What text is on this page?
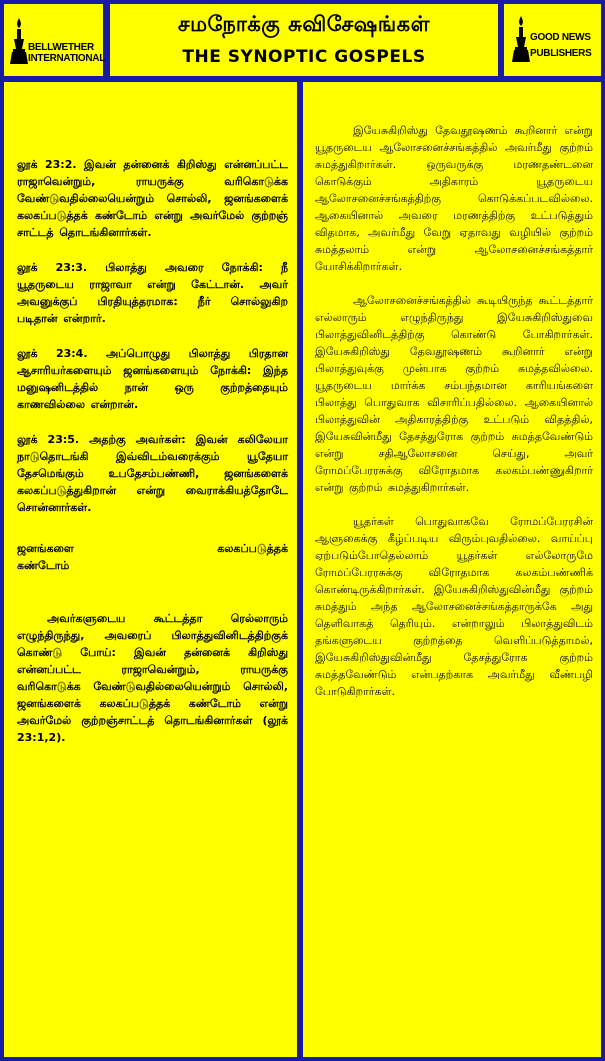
BELLWETHER
INTERNATIONAL
சமநோக்கு சுவிசேஷங்கள்
THE SYNOPTIC GOSPELS
GOOD NEWS
PUBLISHERS

லூக் 23:2. இவன் தன்னைக் கிறிஸ்து என்னப்பட்ட ராஜாவென்றும், ராயருக்கு வரிகொடுக்க வேண்டுவதில்லையென்றும் சொல்லி, ஜனங்களைக் கலகப்படுத்தக் கண்டோம் என்று அவர்மேல் குற்றஞ் சாட்டத் தொடங்கினார்கள்.

லூக் 23:3. பிலாத்து அவரை நோக்கி: நீ யூதருடைய ராஜாவா என்று கேட்டான். அவர் அவனுக்குப் பிரதியுத்தரமாக: நீர் சொல்லுகிற படிதான் என்றார்.

லூக் 23:4. அப்பொழுது பிலாத்து பிரதான ஆசாரியர்களையும் ஜனங்களையும் நோக்கி: இந்த மனுஷனிடத்தில் நான் ஒரு குற்றத்தையும் காணவில்லை என்றான்.

லூக் 23:5. அதற்கு அவர்கள்: இவன் கலிலேயா நாடுதொடங்கி இவ்விடம்வரைக்கும் யூதேயா தேசமெங்கும் உபதேசம்பண்ணி, ஜனங்களைக் கலகப்படுத்துகிறான் என்று வைராக்கியத்தோடே சொன்னார்கள்.

ஜனங்களை கலகப்படுத்தக் கண்டோம்

அவர்களுடைய கூட்டத்தா ரெல்லாரும் எழுந்திருந்து, அவரைப் பிலாத்துவினிடத்திற்குக் கொண்டு போய்: இவன் தன்னைக் கிறிஸ்து என்னப்பட்ட ராஜாவென்றும், ராயருக்கு வரிகொடுக்க வேண்டுவதில்லையென்றும் சொல்லி, ஜனங்களைக் கலகப்படுத்தக் கண்டோம் என்று அவர்மேல் குற்றஞ்சாட்டத் தொடங்கினார்கள் (லூக் 23:1,2).

இயேசுகிறிஸ்து தேவதூஷணம் கூறினார் என்று யூதருடைய ஆலோசனைச்சங்கத்தில் அவர்மீது குற்றம் சுமத்துகிறார்கள். ஒருவருக்கு மரணதண்டனை கொடுக்கும் அதிகாரம் யூதருடைய ஆலோசனைச்சங்கத்திற்கு கொடுக்கப்படவில்லை. ஆகையினால் அவரை மரணத்திற்கு உட்படுத்தும் விதமாக, அவர்மீது வேறு ஏதாவது வழியில் குற்றம் சுமத்தலாம் என்று ஆலோசனைச்சங்கத்தார் யோசிக்கிறார்கள்.

ஆலோசனைச்சங்கத்தில் கூடியிருந்த கூட்டத்தார் எல்லாரும் எழுந்திருந்து இயேசுகிறிஸ்துவை பிலாத்துவினிடத்திற்கு கொண்டு போகிறார்கள். இயேசுகிறிஸ்து தேவதூஷணம் கூறினார் என்று பிலாத்துவுக்கு முன்பாக குற்றம் சுமத்தவில்லை. யூதருடைய மார்க்க சம்பந்தமான காரியங்களை பிலாத்து பொதுவாக விசாரிப்பதில்லை. ஆகையினால் பிலாத்துவின் அதிகாரத்திற்கு உட்படும் விதத்தில், இயேசுவின்மீது தேசத்துரோக குற்றம் சுமத்தவேண்டும் என்று சதிஆலோசனை செய்து, அவர் ரோமப்பேரரசுக்கு விரோதமாக கலகம்பண்ணுகிறார் என்று குற்றம் சுமத்துகிறார்கள்.

யூதர்கள் பொதுவாகவே ரோமப்பேரரசின் ஆளுகைக்கு கீழ்ப்படிய விரும்புவதில்லை. வாய்ப்பு ஏற்படும்போதெல்லாம் யூதர்கள் எல்லோருமே ரோமப்பேரரசுக்கு விரோதமாக கலகம்பண்ணிக் கொண்டிருக்கிறார்கள். இயேசுகிறிஸ்துவின்மீது குற்றம் சுமத்தும் அந்த ஆலோசனைச்சங்கத்தாருக்கே அது தெளிவாகத் தெரியும். என்றாலும் பிலாத்துவிடம் தங்களுடைய குற்றத்தை வெளிப்படுத்தாமல், இயேசுகிறிஸ்துவின்மீது தேசத்துரோக குற்றம் சுமத்தவேண்டும் என்பதற்காக அவர்மீது வீண்பழி போடுகிறார்கள்.
